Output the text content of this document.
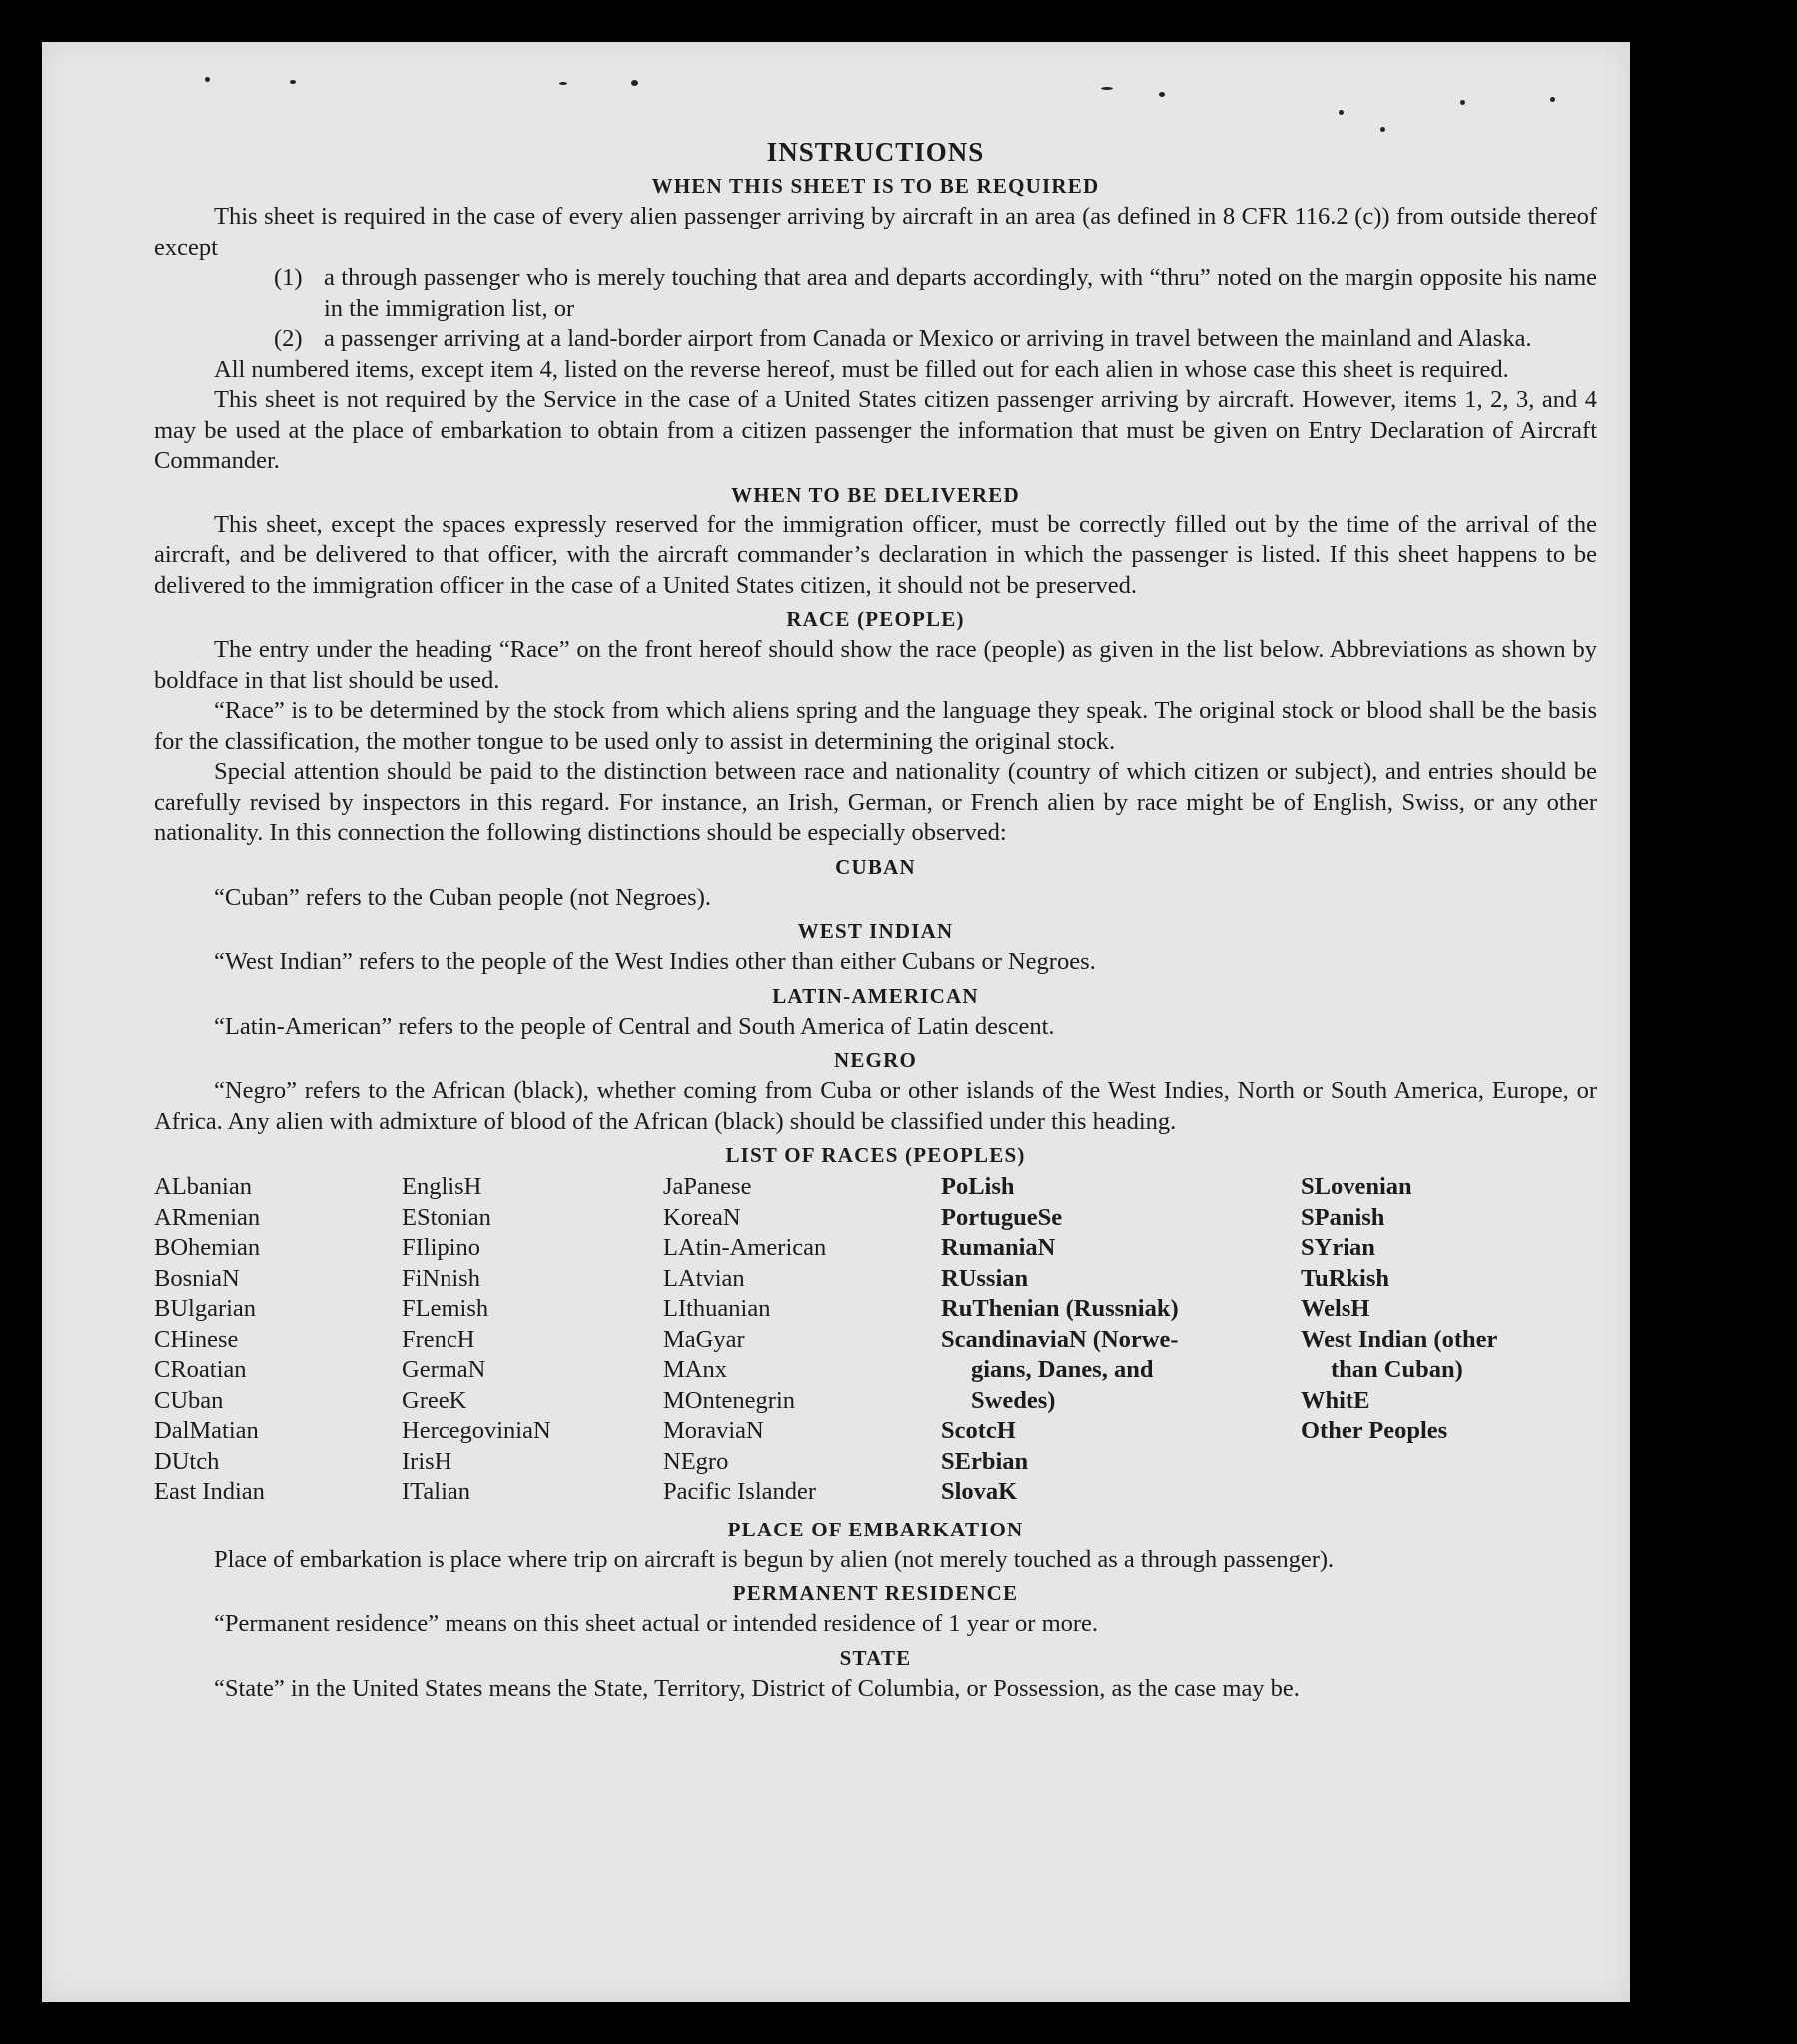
INSTRUCTIONS
WHEN THIS SHEET IS TO BE REQUIRED

This sheet is required in the case of every alien passenger arriving by aircraft in an area (as defined in 8 CFR 116.2 (c)) from outside thereof except

(1) a through passenger who is merely touching that area and departs accordingly, with “thru” noted on the margin opposite his name in the immigration list, or
(2) a passenger arriving at a land-border airport from Canada or Mexico or arriving in travel between the mainland and Alaska.

All numbered items, except item 4, listed on the reverse hereof, must be filled out for each alien in whose case this sheet is required.

This sheet is not required by the Service in the case of a United States citizen passenger arriving by aircraft. However, items 1, 2, 3, and 4 may be used at the place of embarkation to obtain from a citizen passenger the information that must be given on Entry Declaration of Aircraft Commander.

WHEN TO BE DELIVERED

This sheet, except the spaces expressly reserved for the immigration officer, must be correctly filled out by the time of the arrival of the aircraft, and be delivered to that officer, with the aircraft commander’s declaration in which the passenger is listed. If this sheet happens to be delivered to the immigration officer in the case of a United States citizen, it should not be preserved.

RACE (PEOPLE)

The entry under the heading “Race” on the front hereof should show the race (people) as given in the list below. Abbreviations as shown by boldface in that list should be used.

“Race” is to be determined by the stock from which aliens spring and the language they speak. The original stock or blood shall be the basis for the classification, the mother tongue to be used only to assist in determining the original stock.

Special attention should be paid to the distinction between race and nationality (country of which citizen or subject), and entries should be carefully revised by inspectors in this regard. For instance, an Irish, German, or French alien by race might be of English, Swiss, or any other nationality. In this connection the following distinctions should be especially observed:

CUBAN

“Cuban” refers to the Cuban people (not Negroes).

WEST INDIAN

“West Indian” refers to the people of the West Indies other than either Cubans or Negroes.

LATIN-AMERICAN

“Latin-American” refers to the people of Central and South America of Latin descent.

NEGRO

“Negro” refers to the African (black), whether coming from Cuba or other islands of the West Indies, North or South America, Europe, or Africa. Any alien with admixture of blood of the African (black) should be classified under this heading.

LIST OF RACES (PEOPLES)
ALbanian
ARmenian
BOhemian
BosniaN
BUlgarian
CHinese
CRoatian
CUban
DalMatian
DUtch
East Indian
EnglisH
EStonian
FIlipino
FiNnish
FLemish
FrencH
GermaN
GreeK
HercegovinіaN
IrisH
ITalian
JaPanese
KoreaN
LAtin-American
LAtvian
LIthuanian
MaGyar
MAnx
MOntenegrin
MoraviaN
NEgro
Pacific Islander
PoLish
PortugueSe
RumaniaN
RUssian
RuThenian (Russniak)
ScandinaviaN (Norwe-
gians, Danes, and
Swedes)
ScotcH
SErbian
SlovaK
SLovenian
SPanish
SYrian
TuRkish
WelsH
West Indian (other
than Cuban)
WhitE
Other Peoples
PLACE OF EMBARKATION

Place of embarkation is place where trip on aircraft is begun by alien (not merely touched as a through passenger).

PERMANENT RESIDENCE

“Permanent residence” means on this sheet actual or intended residence of 1 year or more.

STATE

“State” in the United States means the State, Territory, District of Columbia, or Possession, as the case may be.
